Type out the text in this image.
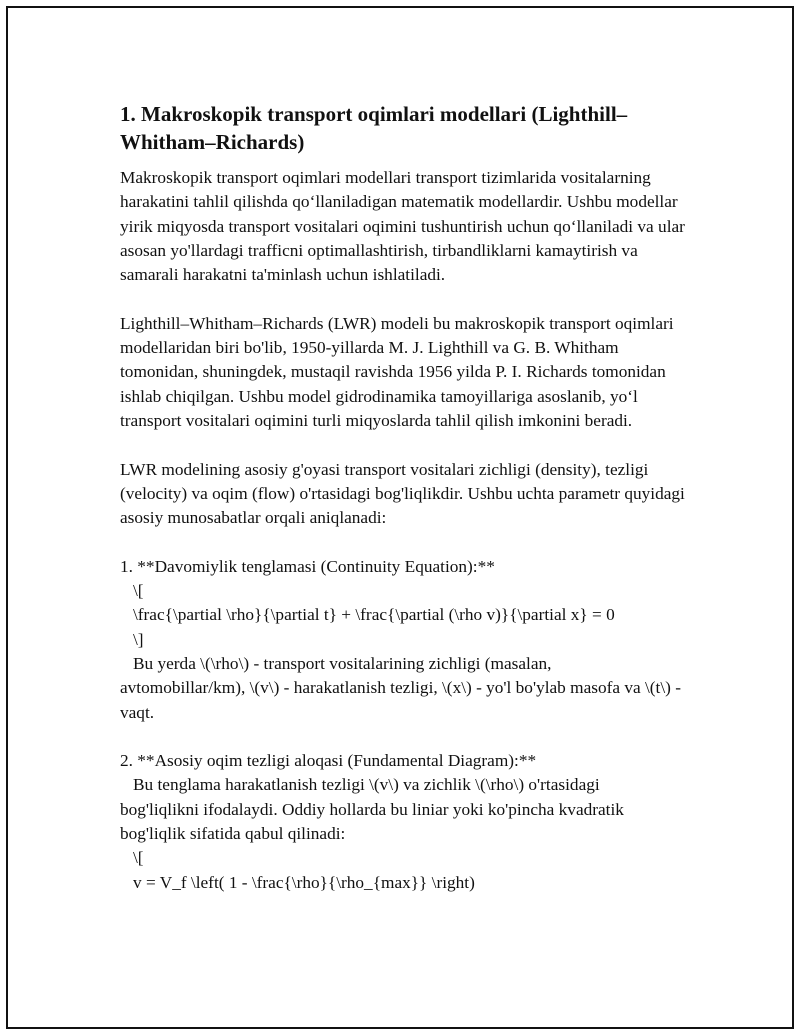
1. Makroskopik transport oqimlari modellari (Lighthill–Whitham–Richards)

Makroskopik transport oqimlari modellari transport tizimlarida vositalarning harakatini tahlil qilishda qo‘llaniladigan matematik modellardir. Ushbu modellar yirik miqyosda transport vositalari oqimini tushuntirish uchun qo‘llaniladi va ular asosan yo'llardagi trafficni optimallashtirish, tirbandliklarni kamaytirish va samarali harakatni ta'minlash uchun ishlatiladi.

Lighthill–Whitham–Richards (LWR) modeli bu makroskopik transport oqimlari modellaridan biri bo'lib, 1950-yillarda M. J. Lighthill va G. B. Whitham tomonidan, shuningdek, mustaqil ravishda 1956 yilda P. I. Richards tomonidan ishlab chiqilgan. Ushbu model gidrodinamika tamoyillariga asoslanib, yo‘l transport vositalari oqimini turli miqyoslarda tahlil qilish imkonini beradi.

LWR modelining asosiy g'oyasi transport vositalari zichligi (density), tezligi (velocity) va oqim (flow) o'rtasidagi bog'liqlikdir. Ushbu uchta parametr quyidagi asosiy munosabatlar orqali aniqlanadi:

1. **Davomiylik tenglamasi (Continuity Equation):**
\[
\frac{\partial \rho}{\partial t} + \frac{\partial (\rho v)}{\partial x} = 0
\]
Bu yerda \(\rho\) - transport vositalarining zichligi (masalan,
avtomobillar/km), \(v\) - harakatlanish tezligi, \(x\) - yo'l bo'ylab masofa va \(t\) - vaqt.
2. **Asosiy oqim tezligi aloqasi (Fundamental Diagram):**
Bu tenglama harakatlanish tezligi \(v\) va zichlik \(\rho\) o'rtasidagi
bog'liqlikni ifodalaydi. Oddiy hollarda bu liniar yoki ko'pincha kvadratik bog'liqlik sifatida qabul qilinadi:
\[
v = V_f \left( 1 - \frac{\rho}{\rho_{max}} \right)
